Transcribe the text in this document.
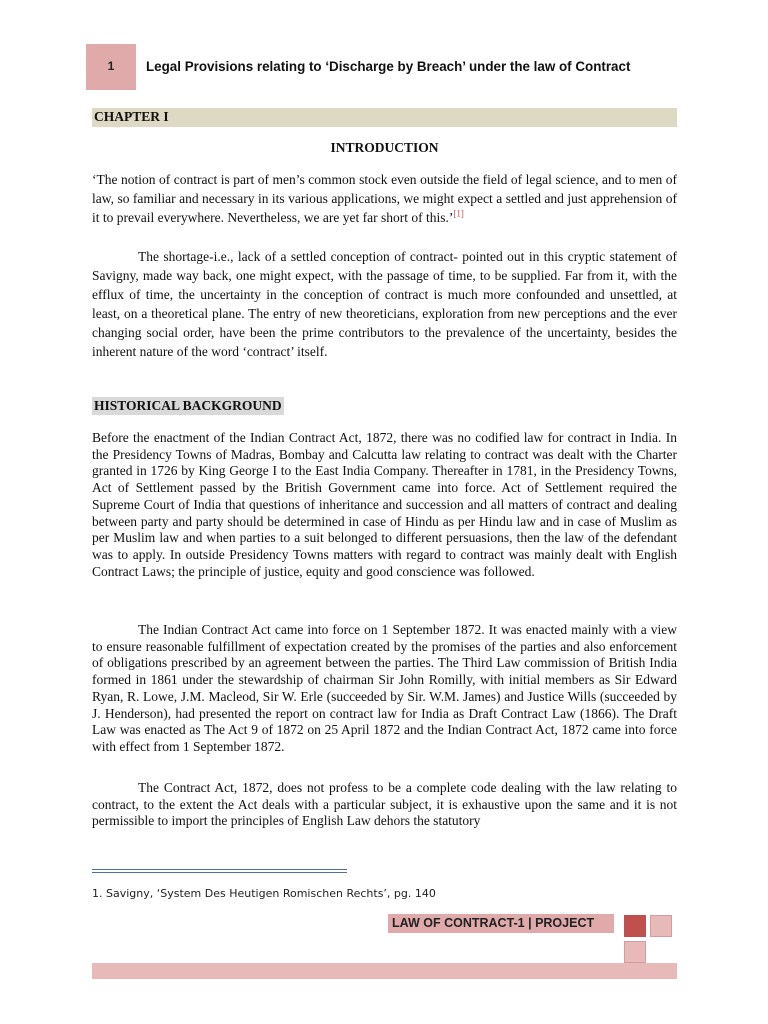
1	Legal Provisions relating to ‘Discharge by Breach’ under the law of Contract
CHAPTER I
INTRODUCTION

‘The notion of contract is part of men’s common stock even outside the field of legal science, and to men of law, so familiar and necessary in its various applications, we might expect a settled and just apprehension of it to prevail everywhere. Nevertheless, we are yet far short of this.’[1]

The shortage-i.e., lack of a settled conception of contract- pointed out in this cryptic statement of Savigny, made way back, one might expect, with the passage of time, to be supplied. Far from it, with the efflux of time, the uncertainty in the conception of contract is much more confounded and unsettled, at least, on a theoretical plane. The entry of new theoreticians, exploration from new perceptions and the ever changing social order, have been the prime contributors to the prevalence of the uncertainty, besides the inherent nature of the word ‘contract’ itself.

HISTORICAL BACKGROUND

Before the enactment of the Indian Contract Act, 1872, there was no codified law for contract in India. In the Presidency Towns of Madras, Bombay and Calcutta law relating to contract was dealt with the Charter granted in 1726 by King George I to the East India Company. Thereafter in 1781, in the Presidency Towns, Act of Settlement passed by the British Government came into force. Act of Settlement required the Supreme Court of India that questions of inheritance and succession and all matters of contract and dealing between party and party should be determined in case of Hindu as per Hindu law and in case of Muslim as per Muslim law and when parties to a suit belonged to different persuasions, then the law of the defendant was to apply. In outside Presidency Towns matters with regard to contract was mainly dealt with English Contract Laws; the principle of justice, equity and good conscience was followed.

The Indian Contract Act came into force on 1 September 1872. It was enacted mainly with a view to ensure reasonable fulfillment of expectation created by the promises of the parties and also enforcement of obligations prescribed by an agreement between the parties. The Third Law commission of British India formed in 1861 under the stewardship of chairman Sir John Romilly, with initial members as Sir Edward Ryan, R. Lowe, J.M. Macleod, Sir W. Erle (succeeded by Sir. W.M. James) and Justice Wills (succeeded by J. Henderson), had presented the report on contract law for India as Draft Contract Law (1866). The Draft Law was enacted as The Act 9 of 1872 on 25 April 1872 and the Indian Contract Act, 1872 came into force with effect from 1 September 1872.

The Contract Act, 1872, does not profess to be a complete code dealing with the law relating to contract, to the extent the Act deals with a particular subject, it is exhaustive upon the same and it is not permissible to import the principles of English Law dehors the statutory

1. Savigny, ‘System Des Heutigen Romischen Rechts’, pg. 140
LAW OF CONTRACT-1 | PROJECT
